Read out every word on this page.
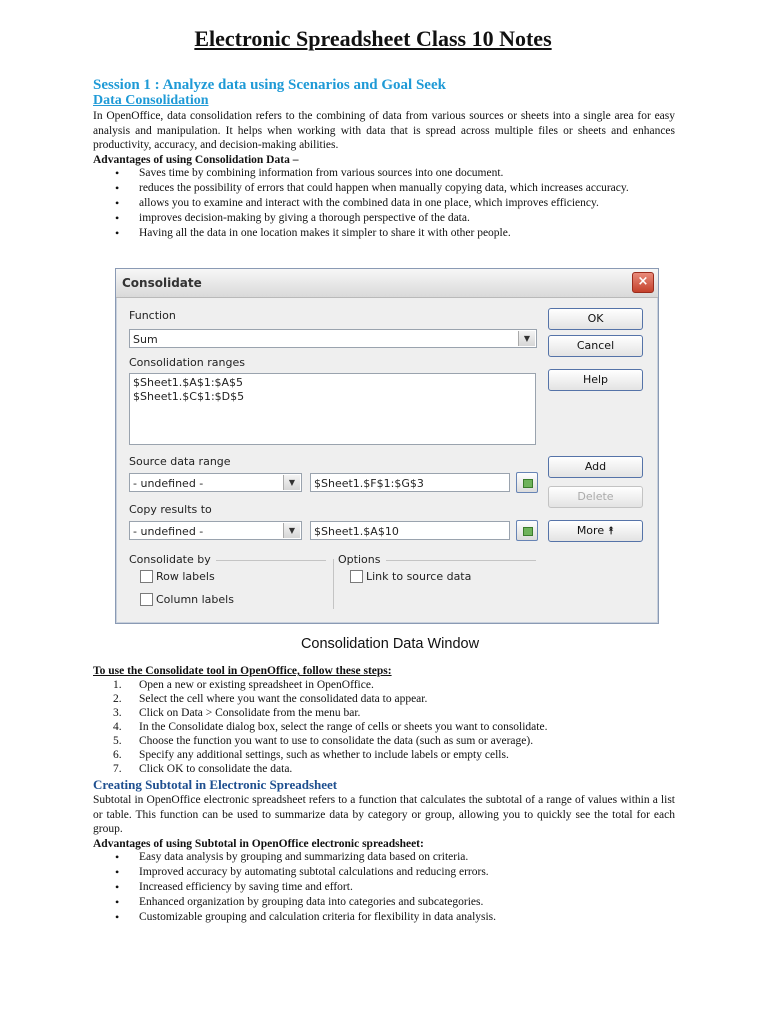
Electronic Spreadsheet Class 10 Notes
Session 1 : Analyze data using Scenarios and Goal Seek
Data Consolidation

In OpenOffice, data consolidation refers to the combining of data from various sources or sheets into a single area for easy analysis and manipulation. It helps when working with data that is spread across multiple files or sheets and enhances productivity, accuracy, and decision-making abilities.

Advantages of using Consolidation Data –
• Saves time by combining information from various sources into one document.
• reduces the possibility of errors that could happen when manually copying data, which increases accuracy.
• allows you to examine and interact with the combined data in one place, which improves efficiency.
• improves decision-making by giving a thorough perspective of the data.
• Having all the data in one location makes it simpler to share it with other people.
Consolidate	×
Function
Sum	▼
Consolidation ranges
$Sheet1.$A$1:$A$5
$Sheet1.$C$1:$D$5
Source data range
- undefined -	▼	$Sheet1.$F$1:$G$3
Copy results to
- undefined -	▼	$Sheet1.$A$10
Consolidate by
Row labels
Column labels
Options
Link to source data
OK
Cancel
Help
Add
Delete
More ⯭
Consolidation Data Window
To use the Consolidate tool in OpenOffice, follow these steps:
1. Open a new or existing spreadsheet in OpenOffice.
2. Select the cell where you want the consolidated data to appear.
3. Click on Data > Consolidate from the menu bar.
4. In the Consolidate dialog box, select the range of cells or sheets you want to consolidate.
5. Choose the function you want to use to consolidate the data (such as sum or average).
6. Specify any additional settings, such as whether to include labels or empty cells.
7. Click OK to consolidate the data.
Creating Subtotal in Electronic Spreadsheet

Subtotal in OpenOffice electronic spreadsheet refers to a function that calculates the subtotal of a range of values within a list or table. This function can be used to summarize data by category or group, allowing you to quickly see the total for each group.

Advantages of using Subtotal in OpenOffice electronic spreadsheet:
• Easy data analysis by grouping and summarizing data based on criteria.
• Improved accuracy by automating subtotal calculations and reducing errors.
• Increased efficiency by saving time and effort.
• Enhanced organization by grouping data into categories and subcategories.
• Customizable grouping and calculation criteria for flexibility in data analysis.
